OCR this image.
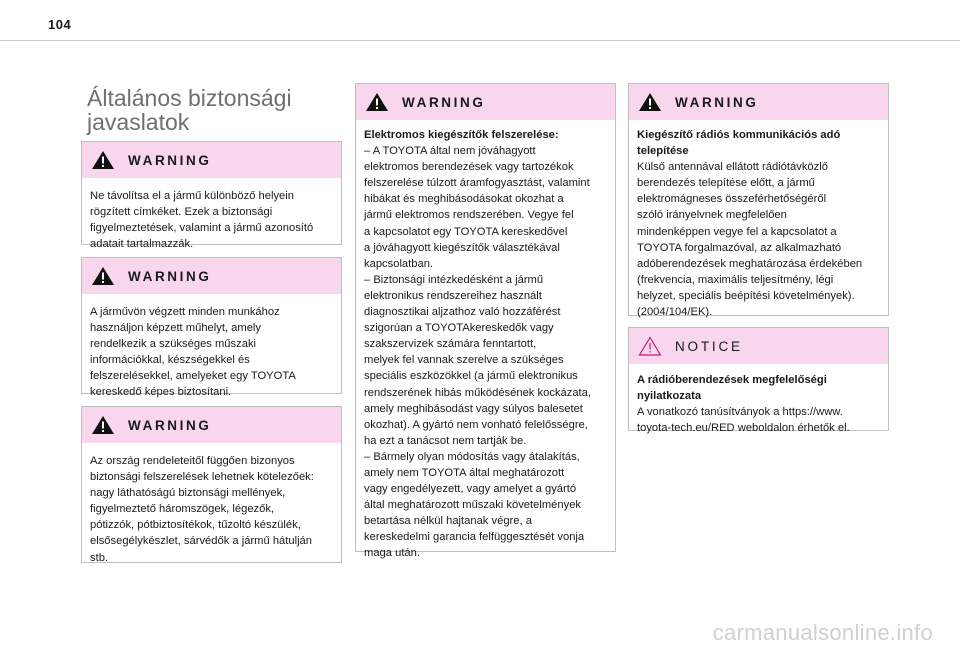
104
Általános biztonsági
javaslatok
WARNING
Ne távolítsa el a jármű különböző helyein
rögzített címkéket. Ezek a biztonsági
figyelmeztetések, valamint a jármű azonosító
adatait tartalmazzák.
WARNING
A járművön végzett minden munkához
használjon képzett műhelyt, amely
rendelkezik a szükséges műszaki
információkkal, készségekkel és
felszerelésekkel, amelyeket egy TOYOTA
kereskedő képes biztosítani.
WARNING
Az ország rendeleteitől függően bizonyos
biztonsági felszerelések lehetnek kötelezőek:
nagy láthatóságú biztonsági mellények,
figyelmeztető háromszögek, légezők,
pótizzók, pótbiztosítékok, tűzoltó készülék,
elsősegélykészlet, sárvédők a jármű hátulján
stb.
WARNING
Elektromos kiegészítők felszerelése:
– A TOYOTA által nem jóváhagyott
elektromos berendezések vagy tartozékok
felszerelése túlzott áramfogyasztást, valamint
hibákat és meghibásodásokat okozhat a
jármű elektromos rendszerében. Vegye fel
a kapcsolatot egy TOYOTA kereskedővel
a jóváhagyott kiegészítők választékával
kapcsolatban.
– Biztonsági intézkedésként a jármű
elektronikus rendszereihez használt
diagnosztikai aljzathoz való hozzáférést
szigorúan a TOYOTAkereskedők vagy
szakszervizek számára fenntartott,
melyek fel vannak szerelve a szükséges
speciális eszközökkel (a jármű elektronikus
rendszerének hibás működésének kockázata,
amely meghibásodást vagy súlyos balesetet
okozhat). A gyártó nem vonható felelősségre,
ha ezt a tanácsot nem tartják be.
– Bármely olyan módosítás vagy átalakítás,
amely nem TOYOTA által meghatározott
vagy engedélyezett, vagy amelyet a gyártó
által meghatározott műszaki követelmények
betartása nélkül hajtanak végre, a
kereskedelmi garancia felfüggesztését vonja
maga után.
WARNING
Kiegészítő rádiós kommunikációs adó
telepítése
Külső antennával ellátott rádiótávközlő
berendezés telepítése előtt, a jármű
elektromágneses összeférhetőségéről
szóló irányelvnek megfelelően
mindenképpen vegye fel a kapcsolatot a
TOYOTA forgalmazóval, az alkalmazható
adóberendezések meghatározása érdekében
(frekvencia, maximális teljesítmény, légi
helyzet, speciális beépítési követelmények).
(2004/104/EK).
NOTICE
A rádióberendezések megfelelőségi
nyilatkozata
A vonatkozó tanúsítványok a https://www.
toyota-tech.eu/RED weboldalon érhetők el.
carmanualsonline.info
